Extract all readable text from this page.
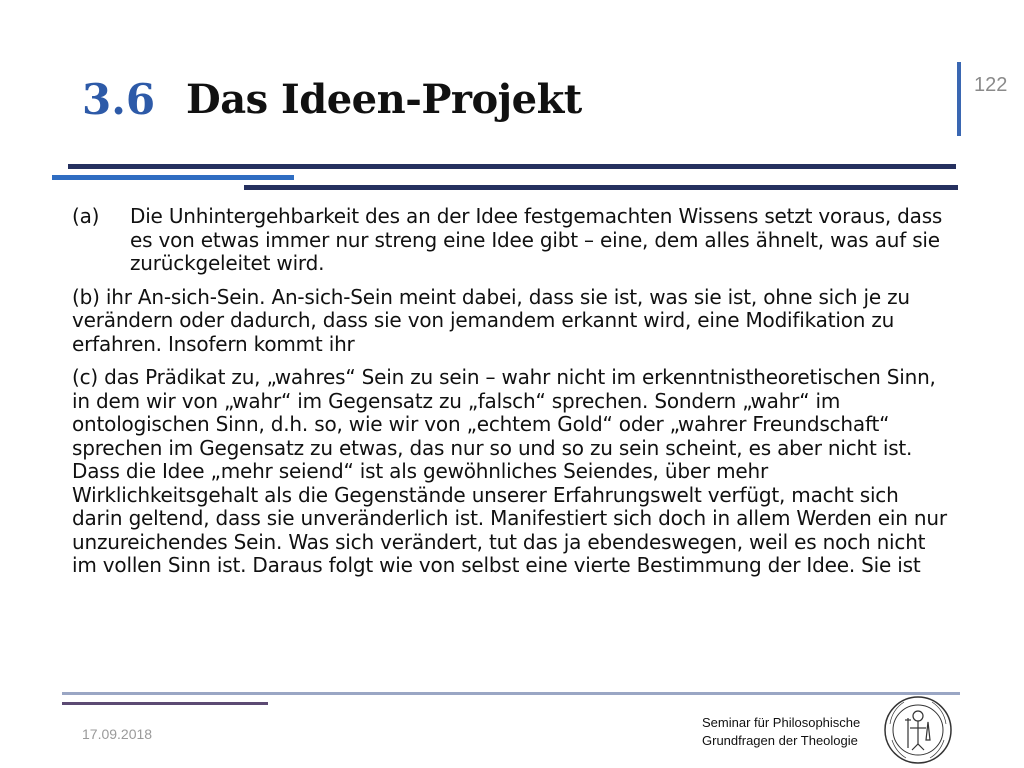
3.6 Das Ideen-Projekt	122
(a)	Die Unhintergehbarkeit des an der Idee festgemachten Wissens setzt voraus, dass es von etwas immer nur streng eine Idee gibt – eine, dem alles ähnelt, was auf sie zurückgeleitet wird.
(b) ihr An-sich-Sein. An-sich-Sein meint dabei, dass sie ist, was sie ist, ohne sich je zu verändern oder dadurch, dass sie von jemandem erkannt wird, eine Modifikation zu erfahren. Insofern kommt ihr
(c) das Prädikat zu, „wahres“ Sein zu sein – wahr nicht im erkenntnistheoretischen Sinn, in dem wir von „wahr“ im Gegensatz zu „falsch“ sprechen. Sondern „wahr“ im ontologischen Sinn, d.h. so, wie wir von „echtem Gold“ oder „wahrer Freundschaft“ sprechen im Gegensatz zu etwas, das nur so und so zu sein scheint, es aber nicht ist. Dass die Idee „mehr seiend“ ist als gewöhnliches Seiendes, über mehr Wirklichkeitsgehalt als die Gegenstände unserer Erfahrungswelt verfügt, macht sich darin geltend, dass sie unveränderlich ist. Manifestiert sich doch in allem Werden ein nur unzureichendes Sein. Was sich verändert, tut das ja ebendeswegen, weil es noch nicht im vollen Sinn ist. Daraus folgt wie von selbst eine vierte Bestimmung der Idee. Sie ist
17.09.2018
Seminar für Philosophische
Grundfragen der Theologie
